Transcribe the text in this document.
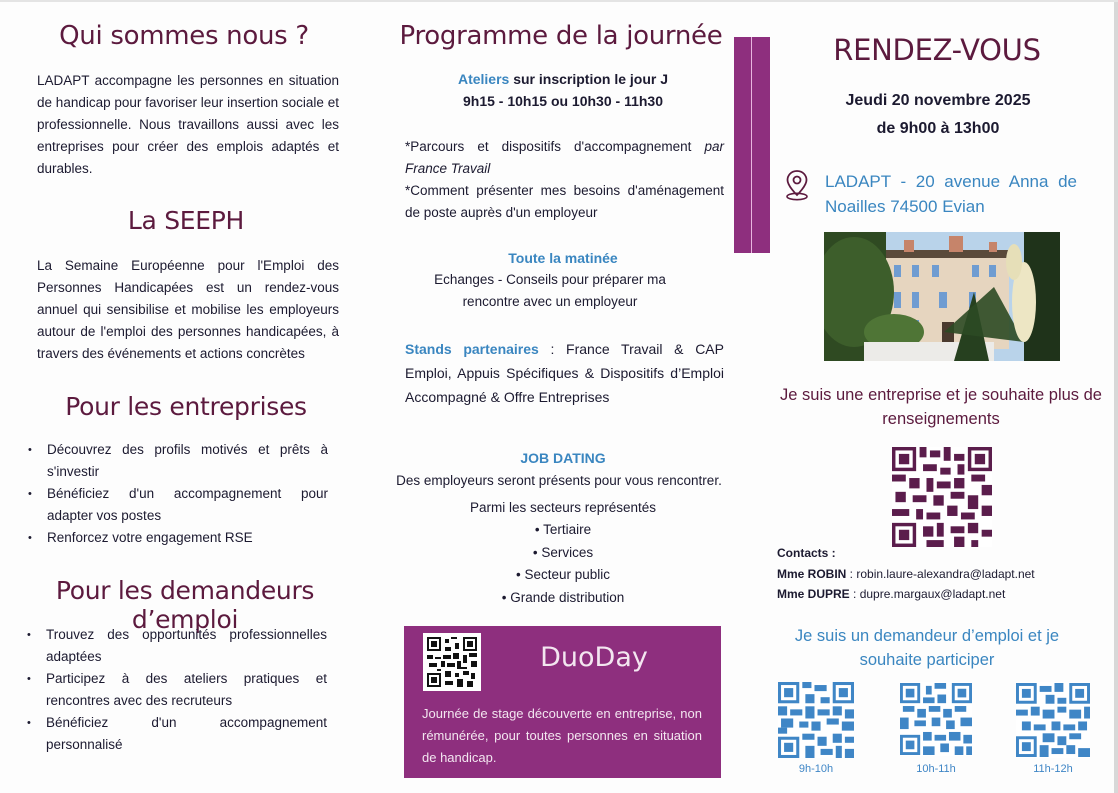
Qui sommes nous ?

LADAPT accompagne les personnes en situation de handicap pour favoriser leur insertion sociale et professionnelle. Nous travaillons aussi avec les entreprises pour créer des emplois adaptés et durables.

La SEEPH

La Semaine Européenne pour l'Emploi des Personnes Handicapées est un rendez-vous annuel qui sensibilise et mobilise les employeurs autour de l'emploi des personnes handicapées, à travers des événements et actions concrètes

Pour les entreprises
• Découvrez des profils motivés et prêts à s'investir
• Bénéficiez d'un accompagnement pour adapter vos postes
• Renforcez votre engagement RSE
Pour les demandeurs d’emploi
• Trouvez des opportunités professionnelles adaptées
• Participez à des ateliers pratiques et rencontres avec des recruteurs
• Bénéficiez d'un accompagnement personnalisé
Programme de la journée
Ateliers sur inscription le jour J
9h15 - 10h15 ou 10h30 - 11h30

*Parcours et dispositifs d'accompagnement par France Travail

*Comment présenter mes besoins d'aménagement de poste auprès d'un employeur

Toute la matinée
Echanges - Conseils pour préparer ma rencontre avec un employeur

Stands partenaires : France Travail & CAP Emploi, Appuis Spécifiques & Dispositifs d’Emploi Accompagné & Offre Entreprises

JOB DATING
Des employeurs seront présents pour vous rencontrer.
Parmi les secteurs représentés
• Tertiaire
• Services
• Secteur public
• Grande distribution
DuoDay

Journée de stage découverte en entreprise, non rémunérée, pour toutes personnes en situation de handicap.

RENDEZ-VOUS
Jeudi 20 novembre 2025
de 9h00 à 13h00

LADAPT - 20 avenue Anna de Noailles 74500 Evian

Je suis une entreprise et je souhaite plus de renseignements

Contacts :
Mme ROBIN : robin.laure-alexandra@ladapt.net
Mme DUPRE : dupre.margaux@ladapt.net

Je suis un demandeur d’emploi et je souhaite participer

9h-10h	10h-11h	11h-12h
